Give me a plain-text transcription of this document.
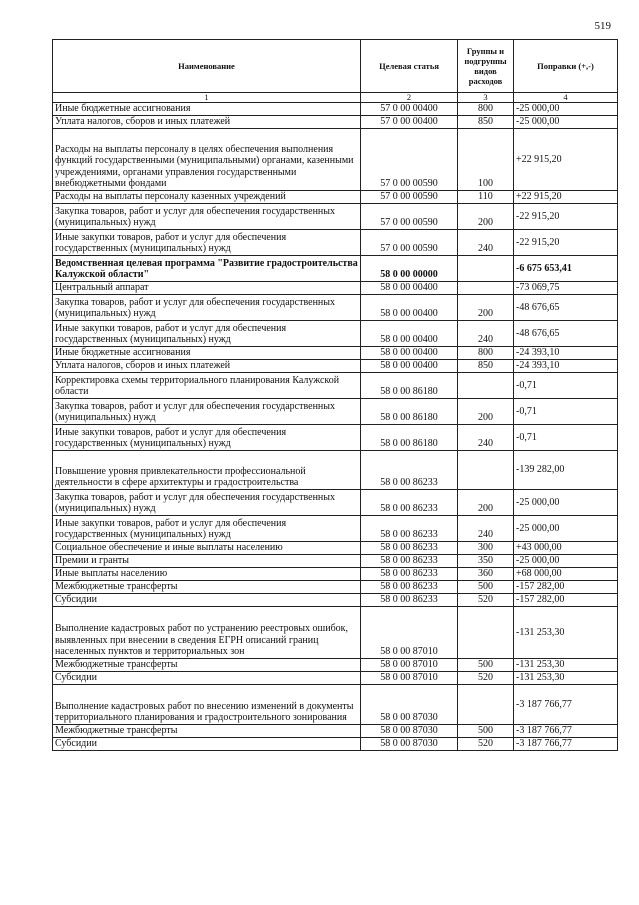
519
Наименование	Целевая статья	Группы и подгруппы видов расходов	Поправки (+,-)
1	2	3	4
Иные бюджетные ассигнования	57 0 00 00400	800	-25 000,00
Уплата налогов, сборов и иных платежей	57 0 00 00400	850	-25 000,00
Расходы на выплаты персоналу в целях обеспечения выполнения функций государственными (муниципальными) органами, казенными учреждениями, органами управления государственными внебюджетными фондами	57 0 00 00590	100	+22 915,20
Расходы на выплаты персоналу казенных учреждений	57 0 00 00590	110	+22 915,20
Закупка товаров, работ и услуг для обеспечения государственных (муниципальных) нужд	57 0 00 00590	200	-22 915,20
Иные закупки товаров, работ и услуг для обеспечения государственных (муниципальных) нужд	57 0 00 00590	240	-22 915,20
Ведомственная целевая программа "Развитие градостроительства Калужской области"	58 0 00 00000		-6 675 653,41
Центральный аппарат	58 0 00 00400		-73 069,75
Закупка товаров, работ и услуг для обеспечения государственных (муниципальных) нужд	58 0 00 00400	200	-48 676,65
Иные закупки товаров, работ и услуг для обеспечения государственных (муниципальных) нужд	58 0 00 00400	240	-48 676,65
Иные бюджетные ассигнования	58 0 00 00400	800	-24 393,10
Уплата налогов, сборов и иных платежей	58 0 00 00400	850	-24 393,10
Корректировка схемы территориального планирования Калужской области	58 0 00 86180		-0,71
Закупка товаров, работ и услуг для обеспечения государственных (муниципальных) нужд	58 0 00 86180	200	-0,71
Иные закупки товаров, работ и услуг для обеспечения государственных (муниципальных) нужд	58 0 00 86180	240	-0,71
Повышение уровня привлекательности профессиональной деятельности в сфере архитектуры и градостроительства	58 0 00 86233		-139 282,00
Закупка товаров, работ и услуг для обеспечения государственных (муниципальных) нужд	58 0 00 86233	200	-25 000,00
Иные закупки товаров, работ и услуг для обеспечения государственных (муниципальных) нужд	58 0 00 86233	240	-25 000,00
Социальное обеспечение и иные выплаты населению	58 0 00 86233	300	+43 000,00
Премии и гранты	58 0 00 86233	350	-25 000,00
Иные выплаты населению	58 0 00 86233	360	+68 000,00
Межбюджетные трансферты	58 0 00 86233	500	-157 282,00
Субсидии	58 0 00 86233	520	-157 282,00
Выполнение кадастровых работ по устранению реестровых ошибок, выявленных при внесении в сведения ЕГРН описаний границ населенных пунктов и территориальных зон	58 0 00 87010		-131 253,30
Межбюджетные трансферты	58 0 00 87010	500	-131 253,30
Субсидии	58 0 00 87010	520	-131 253,30
Выполнение кадастровых работ по внесению изменений в документы территориального планирования и градостроительного зонирования	58 0 00 87030		-3 187 766,77
Межбюджетные трансферты	58 0 00 87030	500	-3 187 766,77
Субсидии	58 0 00 87030	520	-3 187 766,77
